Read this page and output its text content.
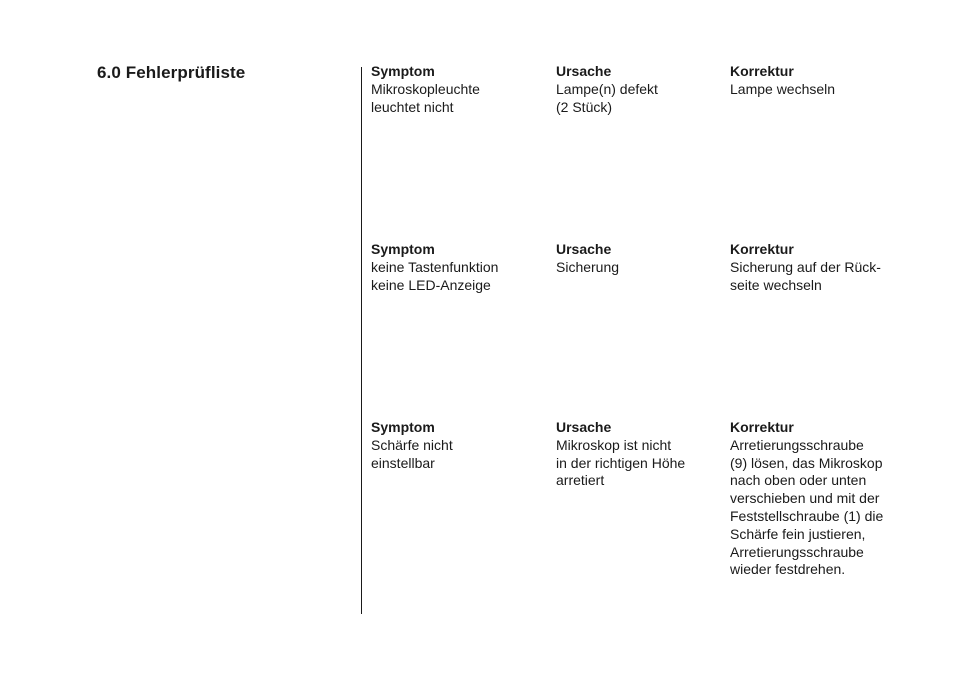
6.0 Fehlerprüfliste	Symptom
Mikroskopleuchte
leuchtet nicht
Ursache
Lampe(n) defekt
(2 Stück)
Korrektur
Lampe wechseln
Symptom
keine Tastenfunktion
keine LED-Anzeige
Ursache
Sicherung
Korrektur
Sicherung auf der Rück-
seite wechseln
Symptom
Schärfe nicht
einstellbar
Ursache
Mikroskop ist nicht
in der richtigen Höhe
arretiert
Korrektur
Arretierungsschraube
(9) lösen, das Mikroskop
nach oben oder unten
verschieben und mit der
Feststellschraube (1) die
Schärfe fein justieren,
Arretierungsschraube
wieder festdrehen.
